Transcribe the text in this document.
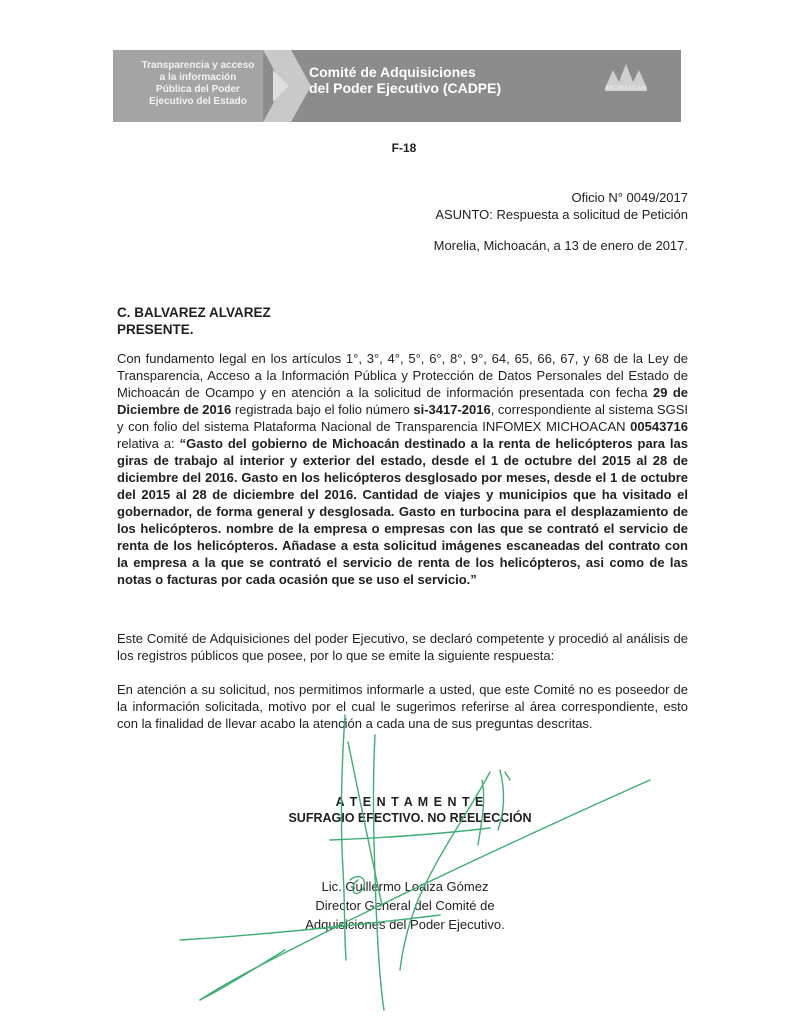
Transparencia y acceso
a la información
Pública del Poder
Ejecutivo del Estado
Comité de Adquisiciones
del Poder Ejecutivo (CADPE)	MICHOACÁN
F-18
Oficio N° 0049/2017
ASUNTO: Respuesta a solicitud de Petición
Morelia, Michoacán, a 13 de enero de 2017.
C. BALVAREZ ALVAREZ
PRESENTE.

Con fundamento legal en los artículos 1°, 3°, 4°, 5°, 6°, 8°, 9°, 64, 65, 66, 67, y 68 de la Ley de Transparencia, Acceso a la Información Pública y Protección de Datos Personales del Estado de Michoacán de Ocampo y en atención a la solicitud de información presentada con fecha 29 de Diciembre de 2016 registrada bajo el folio número si-3417-2016, correspondiente al sistema SGSI y con folio del sistema Plataforma Nacional de Transparencia INFOMEX MICHOACAN 00543716 relativa a: “Gasto del gobierno de Michoacán destinado a la renta de helicópteros para las giras de trabajo al interior y exterior del estado, desde el 1 de octubre del 2015 al 28 de diciembre del 2016. Gasto en los helicópteros desglosado por meses, desde el 1 de octubre del 2015 al 28 de diciembre del 2016. Cantidad de viajes y municipios que ha visitado el gobernador, de forma general y desglosada. Gasto en turbocina para el desplazamiento de los helicópteros. nombre de la empresa o empresas con las que se contrató el servicio de renta de los helicópteros. Añadase a esta solicitud imágenes escaneadas del contrato con la empresa a la que se contrató el servicio de renta de los helicópteros, asi como de las notas o facturas por cada ocasión que se uso el servicio.”

Este Comité de Adquisiciones del poder Ejecutivo, se declaró competente y procedió al análisis de los registros públicos que posee, por lo que se emite la siguiente respuesta:

En atención a su solicitud, nos permitimos informarle a usted, que este Comité no es poseedor de la información solicitada, motivo por el cual le sugerimos referirse al área correspondiente, esto con la finalidad de llevar acabo la atención a cada una de sus preguntas descritas.

A T E N T A M E N T E
SUFRAGIO EFECTIVO. NO REELECCIÓN
Lic. Guillermo Loaiza Gómez
Director General del Comité de
Adquisiciones del Poder Ejecutivo.
